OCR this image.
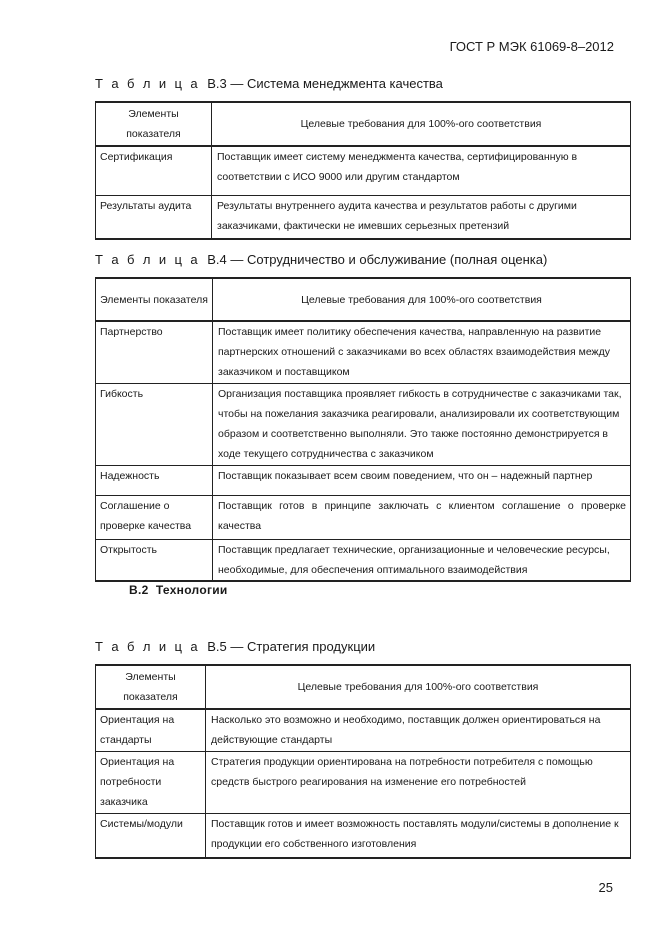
ГОСТ Р МЭК 61069-8–2012
Т а б л и ц а В.3 — Система менеджмента качества
Элементы показателя	Целевые требования для 100%-ого соответствия
Сертификация	Поставщик имеет систему менеджмента качества, сертифицированную в соответствии с ИСО 9000 или другим стандартом
Результаты аудита	Результаты внутреннего аудита качества и результатов работы с другими заказчиками, фактически не имевших серьезных претензий
Т а б л и ц а В.4 — Сотрудничество и обслуживание (полная оценка)
Элементы показателя	Целевые требования для 100%-ого соответствия
Партнерство	Поставщик имеет политику обеспечения качества, направленную на развитие партнерских отношений с заказчиками во всех областях взаимодействия между заказчиком и поставщиком
Гибкость	Организация поставщика проявляет гибкость в сотрудничестве с заказчиками так, чтобы на пожелания заказчика реагировали, анализировали их соответствующим образом и соответственно выполняли. Это также постоянно демонстрируется в ходе текущего сотрудничества с заказчиком
Надежность	Поставщик показывает всем своим поведением, что он – надежный партнер
Соглашение о проверке качества	Поставщик готов в принципе заключать с клиентом соглашение о проверке качества
Открытость	Поставщик предлагает технические, организационные и человеческие ресурсы, необходимые, для обеспечения оптимального взаимодействия
В.2 Технологии
Т а б л и ц а В.5 — Стратегия продукции
Элементы показателя	Целевые требования для 100%-ого соответствия
Ориентация на стандарты	Насколько это возможно и необходимо, поставщик должен ориентироваться на действующие стандарты
Ориентация на потребности заказчика	Стратегия продукции ориентирована на потребности потребителя с помощью средств быстрого реагирования на изменение его потребностей
Системы/модули	Поставщик готов и имеет возможность поставлять модули/системы в дополнение к продукции его собственного изготовления
25
